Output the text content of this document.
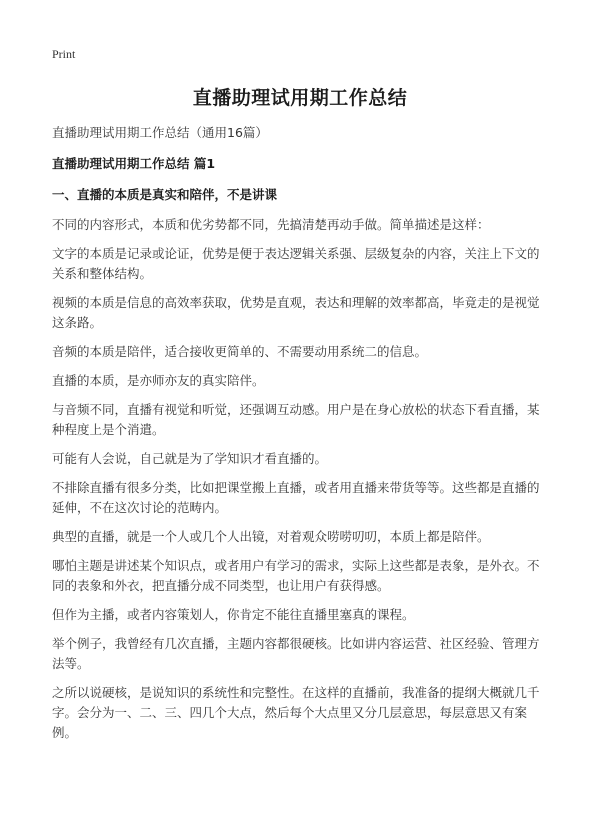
Print
直播助理试用期工作总结
直播助理试用期工作总结（通用16篇）
直播助理试用期工作总结 篇1
一、直播的本质是真实和陪伴，不是讲课

不同的内容形式，本质和优劣势都不同，先搞清楚再动手做。简单描述是这样：

文字的本质是记录或论证，优势是便于表达逻辑关系强、层级复杂的内容，关注上下文的关系和整体结构。

视频的本质是信息的高效率获取，优势是直观，表达和理解的效率都高，毕竟走的是视觉这条路。

音频的本质是陪伴，适合接收更简单的、不需要动用系统二的信息。

直播的本质，是亦师亦友的真实陪伴。

与音频不同，直播有视觉和听觉，还强调互动感。用户是在身心放松的状态下看直播，某种程度上是个消遣。

可能有人会说，自己就是为了学知识才看直播的。

不排除直播有很多分类，比如把课堂搬上直播，或者用直播来带货等等。这些都是直播的延伸，不在这次讨论的范畴内。

典型的直播，就是一个人或几个人出镜，对着观众唠唠叨叨，本质上都是陪伴。

哪怕主题是讲述某个知识点，或者用户有学习的需求，实际上这些都是表象，是外衣。不同的表象和外衣，把直播分成不同类型，也让用户有获得感。

但作为主播，或者内容策划人，你肯定不能往直播里塞真的课程。

举个例子，我曾经有几次直播，主题内容都很硬核。比如讲内容运营、社区经验、管理方法等。

之所以说硬核，是说知识的系统性和完整性。在这样的直播前，我准备的提纲大概就几千字。会分为一、二、三、四几个大点，然后每个大点里又分几层意思，每层意思又有案例。
